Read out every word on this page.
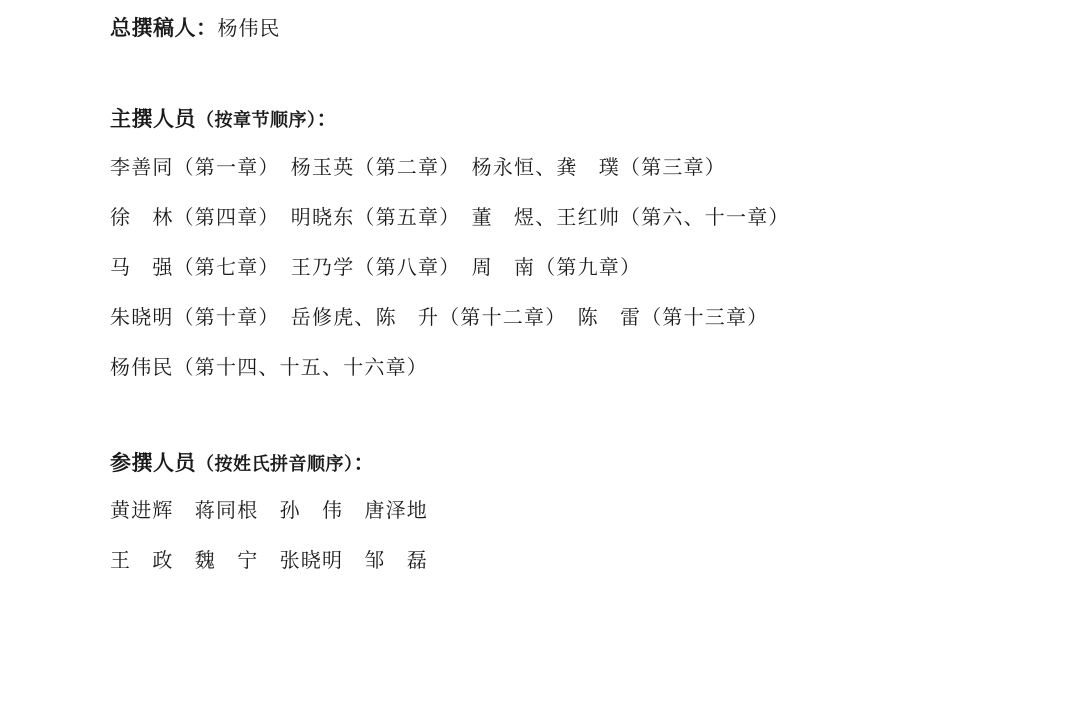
总撰稿人：杨伟民

主撰人员（按章节顺序）：

李善同（第一章）　杨玉英（第二章）　杨永恒、龚　璞（第三章）

徐　林（第四章）　明晓东（第五章）　董　煜、王红帅（第六、十一章）

马　强（第七章）　王乃学（第八章）　周　南（第九章）

朱晓明（第十章）　岳修虎、陈　升（第十二章）　陈　雷（第十三章）

杨伟民（第十四、十五、十六章）

参撰人员（按姓氏拼音顺序）：

黄进辉　蒋同根　孙　伟　唐泽地

王　政　魏　宁　张晓明　邹　磊
